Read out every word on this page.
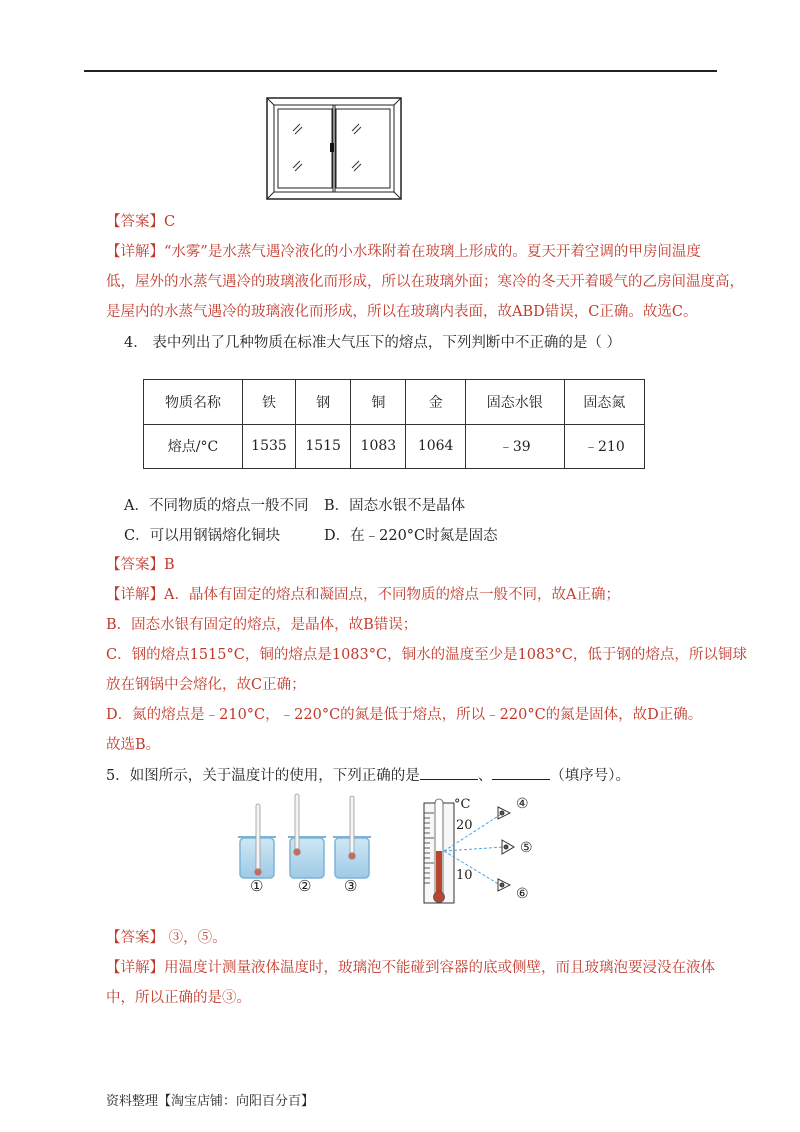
【答案】C
【详解】“水雾”是水蒸气遇冷液化的小水珠附着在玻璃上形成的。夏天开着空调的甲房间温度
低，屋外的水蒸气遇冷的玻璃液化而形成，所以在玻璃外面；寒冷的冬天开着暖气的乙房间温度高，
是屋内的水蒸气遇冷的玻璃液化而形成，所以在玻璃内表面，故ABD错误，C正确。故选C。
4． 表中列出了几种物质在标准大气压下的熔点，下列判断中不正确的是（ ）
物质名称	铁	钢	铜	金	固态水银	固态氮
熔点/°C	1535	1515	1083	1064	﹣39	﹣210
A．不同物质的熔点一般不同 B．固态水银不是晶体
C．可以用钢锅熔化铜块	D．在﹣220°C时氮是固态
【答案】B
【详解】A．晶体有固定的熔点和凝固点，不同物质的熔点一般不同，故A正确；
B．固态水银有固定的熔点，是晶体，故B错误；
C．钢的熔点1515°C，铜的熔点是1083°C，铜水的温度至少是1083°C，低于钢的熔点，所以铜球
放在钢锅中会熔化，故C正确；
D．氮的熔点是﹣210°C，﹣220°C的氮是低于熔点，所以﹣220°C的氮是固体，故D正确。
故选B。
5．如图所示，关于温度计的使用，下列正确的是	、	（填序号）。
① ② ③
°C
20
10
④
⑤
⑥
【答案】 ③，⑤。
【详解】用温度计测量液体温度时，玻璃泡不能碰到容器的底或侧壁，而且玻璃泡要浸没在液体
中，所以正确的是③。
资料整理【淘宝店铺：向阳百分百】
